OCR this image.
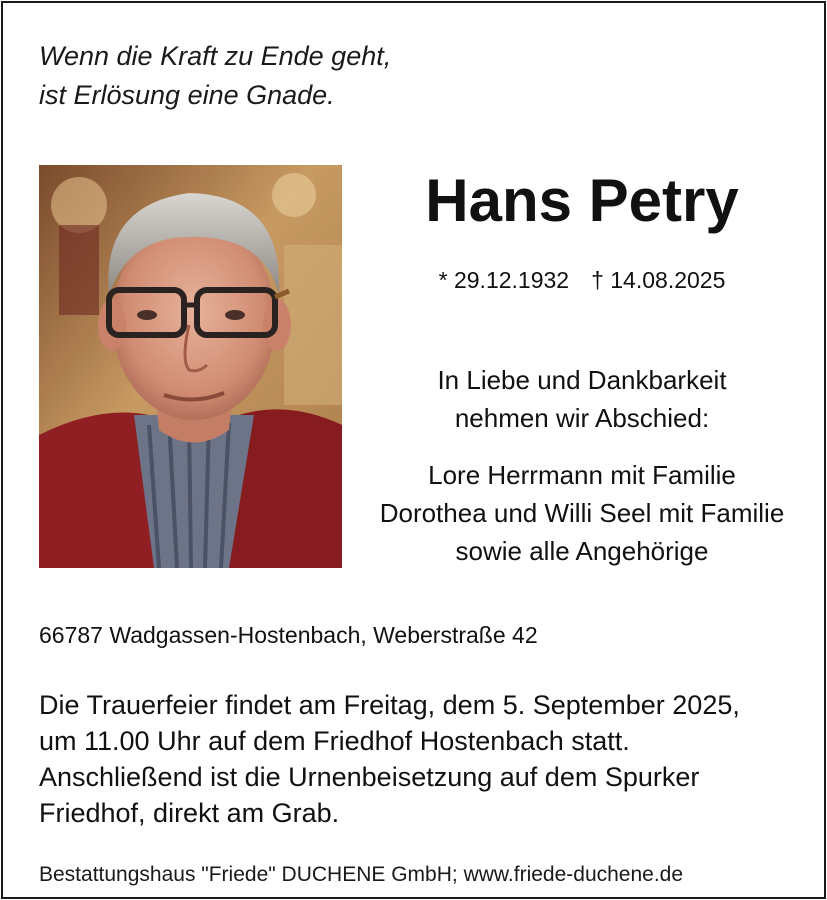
Wenn die Kraft zu Ende geht,
ist Erlösung eine Gnade.
Hans Petry
* 29.12.1932 † 14.08.2025
In Liebe und Dankbarkeit
nehmen wir Abschied:
Lore Herrmann mit Familie
Dorothea und Willi Seel mit Familie
sowie alle Angehörige
66787 Wadgassen-Hostenbach, Weberstraße 42
Die Trauerfeier findet am Freitag, dem 5. September 2025,
um 11.00 Uhr auf dem Friedhof Hostenbach statt.
Anschließend ist die Urnenbeisetzung auf dem Spurker
Friedhof, direkt am Grab.
Bestattungshaus "Friede" DUCHENE GmbH; www.friede-duchene.de
